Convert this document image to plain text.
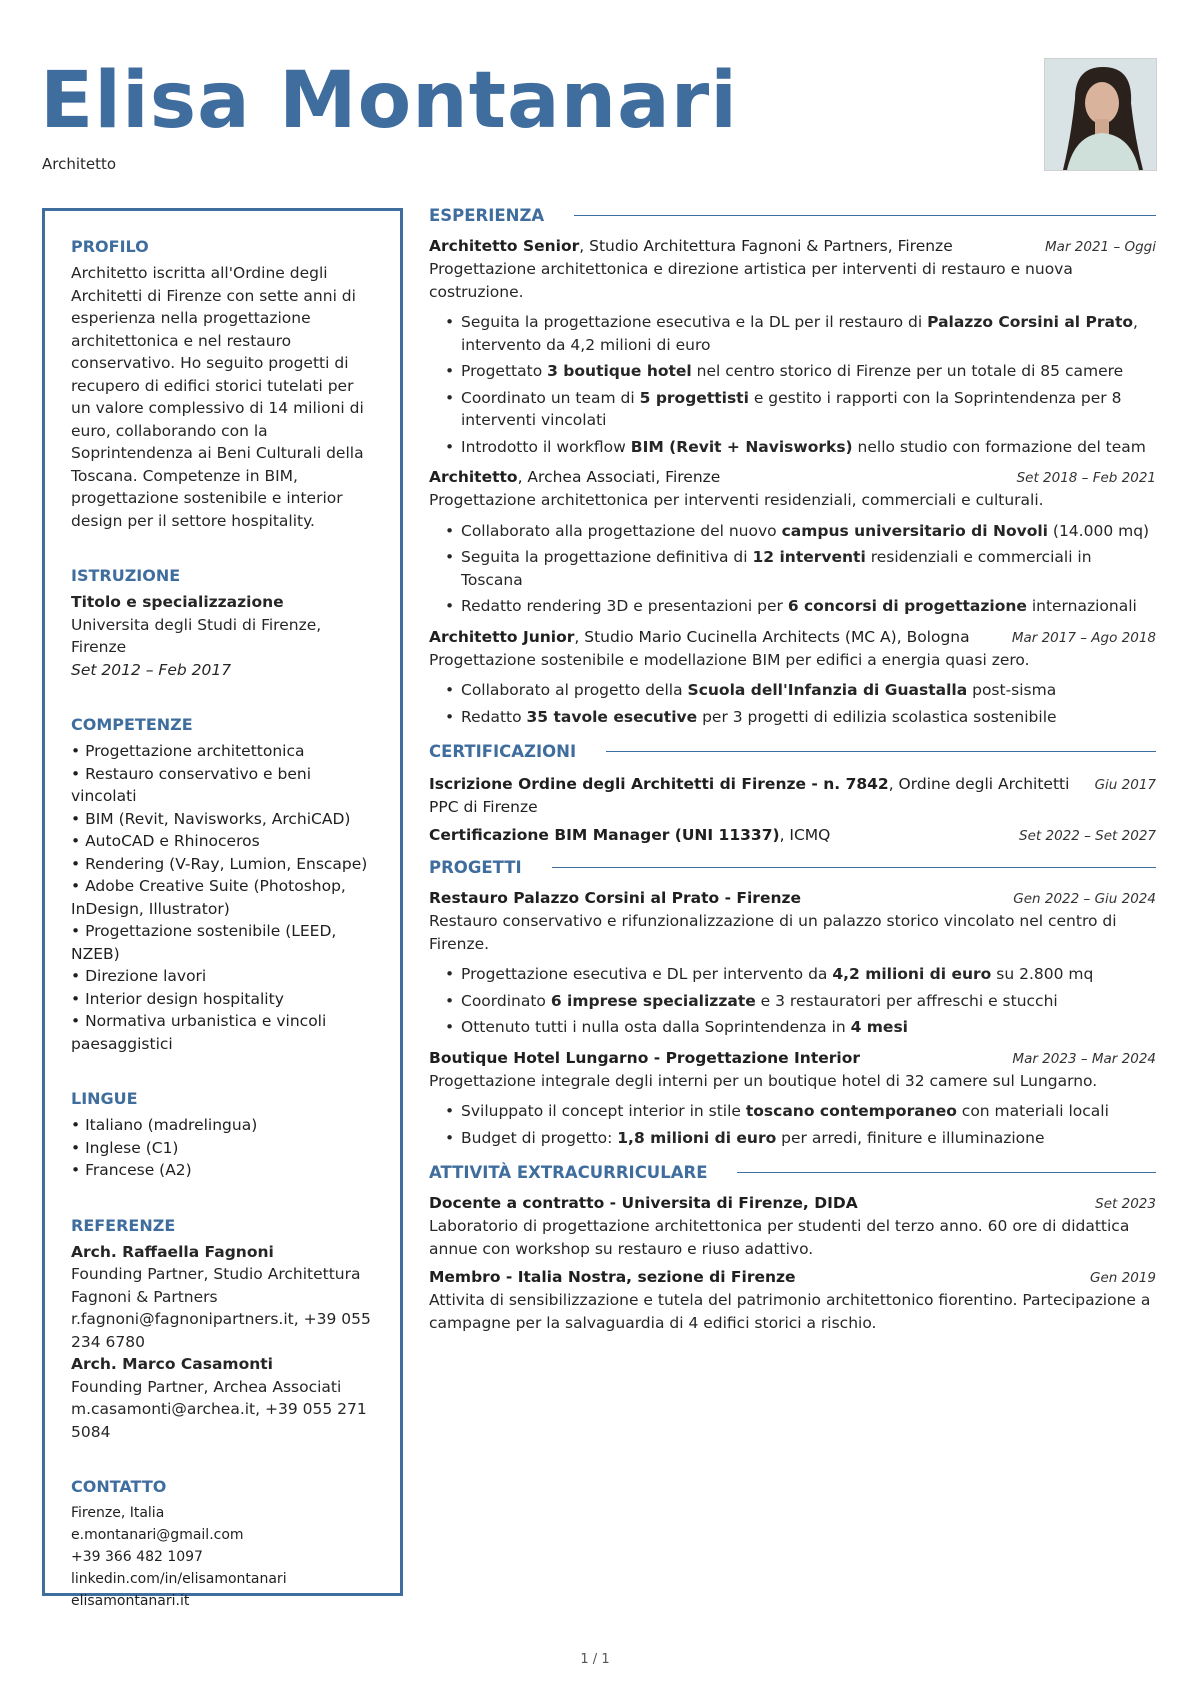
Elisa Montanari
Architetto
PROFILO
Architetto iscritta all'Ordine degli Architetti di Firenze con sette anni di esperienza nella progettazione architettonica e nel restauro conservativo. Ho seguito progetti di recupero di edifici storici tutelati per un valore complessivo di 14 milioni di euro, collaborando con la Soprintendenza ai Beni Culturali della Toscana. Competenze in BIM, progettazione sostenibile e interior design per il settore hospitality.
ISTRUZIONE
Titolo e specializzazione
Universita degli Studi di Firenze, Firenze
Set 2012 – Feb 2017
COMPETENZE
• Progettazione architettonica
• Restauro conservativo e beni vincolati
• BIM (Revit, Navisworks, ArchiCAD)
• AutoCAD e Rhinoceros
• Rendering (V-Ray, Lumion, Enscape)
• Adobe Creative Suite (Photoshop, InDesign, Illustrator)
• Progettazione sostenibile (LEED, NZEB)
• Direzione lavori
• Interior design hospitality
• Normativa urbanistica e vincoli paesaggistici
LINGUE
• Italiano (madrelingua)
• Inglese (C1)
• Francese (A2)
REFERENZE
Arch. Raffaella Fagnoni
Founding Partner, Studio Architettura Fagnoni & Partners
r.fagnoni@fagnonipartners.it, +39 055 234 6780
Arch. Marco Casamonti
Founding Partner, Archea Associati
m.casamonti@archea.it, +39 055 271 5084
CONTATTO
Firenze, Italia
e.montanari@gmail.com
+39 366 482 1097
linkedin.com/in/elisamontanari
elisamontanari.it
ESPERIENZA
Architetto Senior, Studio Architettura Fagnoni & Partners, Firenze	Mar 2021 – Oggi
Progettazione architettonica e direzione artistica per interventi di restauro e nuova costruzione.
• Seguita la progettazione esecutiva e la DL per il restauro di Palazzo Corsini al Prato, intervento da 4,2 milioni di euro
• Progettato 3 boutique hotel nel centro storico di Firenze per un totale di 85 camere
• Coordinato un team di 5 progettisti e gestito i rapporti con la Soprintendenza per 8 interventi vincolati
• Introdotto il workflow BIM (Revit + Navisworks) nello studio con formazione del team
Architetto, Archea Associati, Firenze	Set 2018 – Feb 2021
Progettazione architettonica per interventi residenziali, commerciali e culturali.
• Collaborato alla progettazione del nuovo campus universitario di Novoli (14.000 mq)
• Seguita la progettazione definitiva di 12 interventi residenziali e commerciali in Toscana
• Redatto rendering 3D e presentazioni per 6 concorsi di progettazione internazionali
Architetto Junior, Studio Mario Cucinella Architects (MC A), Bologna	Mar 2017 – Ago 2018
Progettazione sostenibile e modellazione BIM per edifici a energia quasi zero.
• Collaborato al progetto della Scuola dell'Infanzia di Guastalla post-sisma
• Redatto 35 tavole esecutive per 3 progetti di edilizia scolastica sostenibile
CERTIFICAZIONI
Iscrizione Ordine degli Architetti di Firenze - n. 7842, Ordine degli Architetti PPC di Firenze
Giu 2017
Certificazione BIM Manager (UNI 11337), ICMQ	Set 2022 – Set 2027
PROGETTI
Restauro Palazzo Corsini al Prato - Firenze	Gen 2022 – Giu 2024
Restauro conservativo e rifunzionalizzazione di un palazzo storico vincolato nel centro di Firenze.
• Progettazione esecutiva e DL per intervento da 4,2 milioni di euro su 2.800 mq
• Coordinato 6 imprese specializzate e 3 restauratori per affreschi e stucchi
• Ottenuto tutti i nulla osta dalla Soprintendenza in 4 mesi
Boutique Hotel Lungarno - Progettazione Interior	Mar 2023 – Mar 2024
Progettazione integrale degli interni per un boutique hotel di 32 camere sul Lungarno.
• Sviluppato il concept interior in stile toscano contemporaneo con materiali locali
• Budget di progetto: 1,8 milioni di euro per arredi, finiture e illuminazione
ATTIVITÀ EXTRACURRICULARE
Docente a contratto - Universita di Firenze, DIDA	Set 2023
Laboratorio di progettazione architettonica per studenti del terzo anno. 60 ore di didattica annue con workshop su restauro e riuso adattivo.
Membro - Italia Nostra, sezione di Firenze	Gen 2019
Attivita di sensibilizzazione e tutela del patrimonio architettonico fiorentino. Partecipazione a campagne per la salvaguardia di 4 edifici storici a rischio.
1 / 1
